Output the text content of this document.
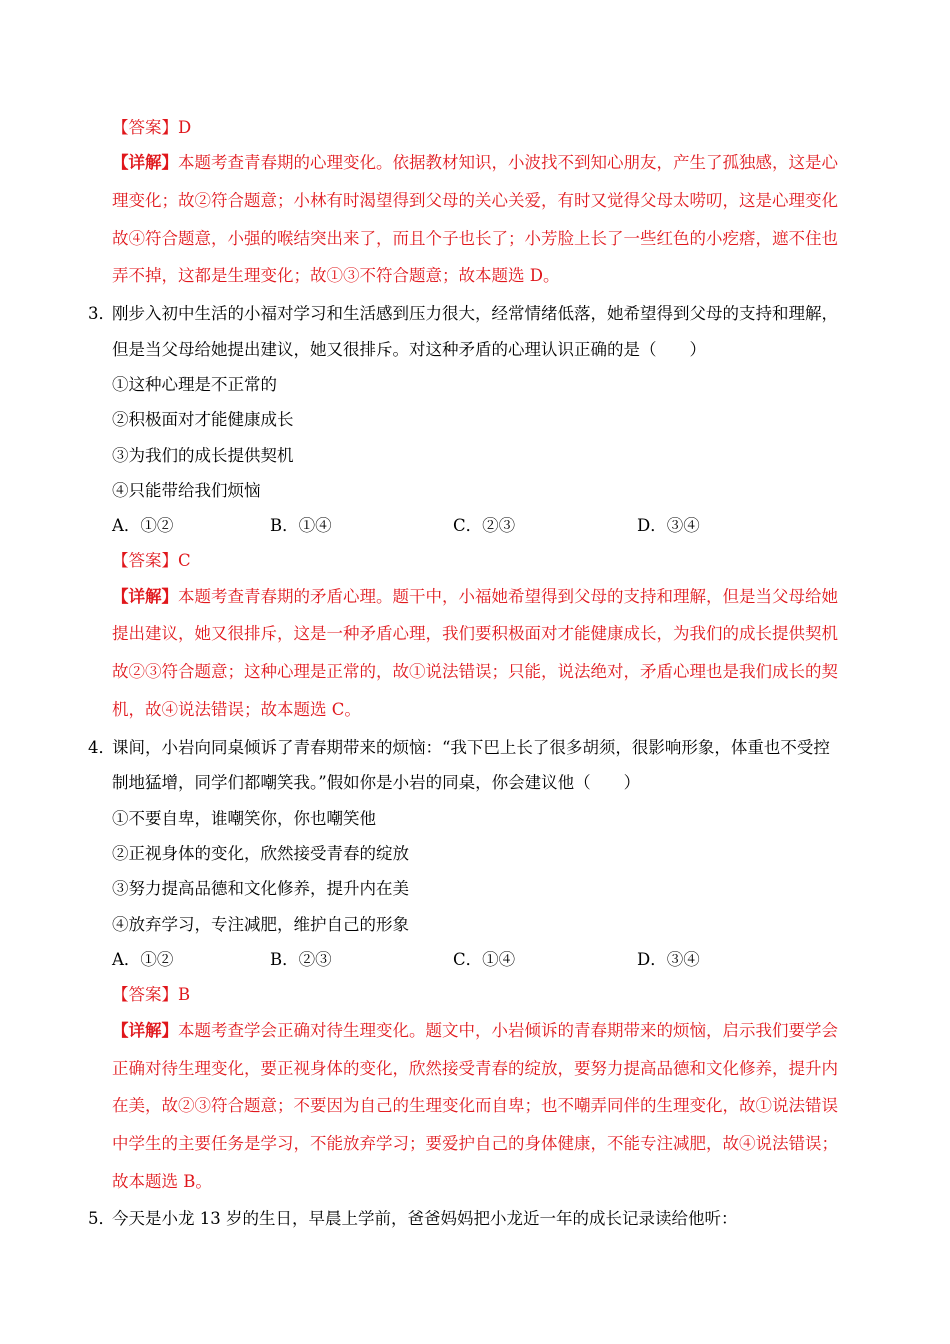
【答案】D
【详解】本题考查青春期的心理变化。依据教材知识，小波找不到知心朋友，产生了孤独感，这是心
理变化；故②符合题意；小林有时渴望得到父母的关心关爱，有时又觉得父母太唠叨，这是心理变化
故④符合题意，小强的喉结突出来了，而且个子也长了；小芳脸上长了一些红色的小疙瘩，遮不住也
弄不掉，这都是生理变化；故①③不符合题意；故本题选 D。
3．
刚步入初中生活的小福对学习和生活感到压力很大，经常情绪低落，她希望得到父母的支持和理解，
但是当父母给她提出建议，她又很排斥。对这种矛盾的心理认识正确的是（　　）
①这种心理是不正常的
②积极面对才能健康成长
③为我们的成长提供契机
④只能带给我们烦恼
A．①②	B．①④	C．②③	D．③④
【答案】C
【详解】本题考查青春期的矛盾心理。题干中，小福她希望得到父母的支持和理解，但是当父母给她
提出建议，她又很排斥，这是一种矛盾心理，我们要积极面对才能健康成长，为我们的成长提供契机
故②③符合题意；这种心理是正常的，故①说法错误；只能，说法绝对，矛盾心理也是我们成长的契
机，故④说法错误；故本题选 C。
4．
课间，小岩向同桌倾诉了青春期带来的烦恼：“我下巴上长了很多胡须，很影响形象，体重也不受控
制地猛增，同学们都嘲笑我。”假如你是小岩的同桌，你会建议他（　　）
①不要自卑，谁嘲笑你，你也嘲笑他
②正视身体的变化，欣然接受青春的绽放
③努力提高品德和文化修养，提升内在美
④放弃学习，专注减肥，维护自己的形象
A．①②	B．②③	C．①④	D．③④
【答案】B
【详解】本题考查学会正确对待生理变化。题文中，小岩倾诉的青春期带来的烦恼，启示我们要学会
正确对待生理变化，要正视身体的变化，欣然接受青春的绽放，要努力提高品德和文化修养，提升内
在美，故②③符合题意；不要因为自己的生理变化而自卑；也不嘲弄同伴的生理变化，故①说法错误
中学生的主要任务是学习，不能放弃学习；要爱护自己的身体健康，不能专注减肥，故④说法错误；
故本题选 B。
5．
今天是小龙 13 岁的生日，早晨上学前，爸爸妈妈把小龙近一年的成长记录读给他听：
